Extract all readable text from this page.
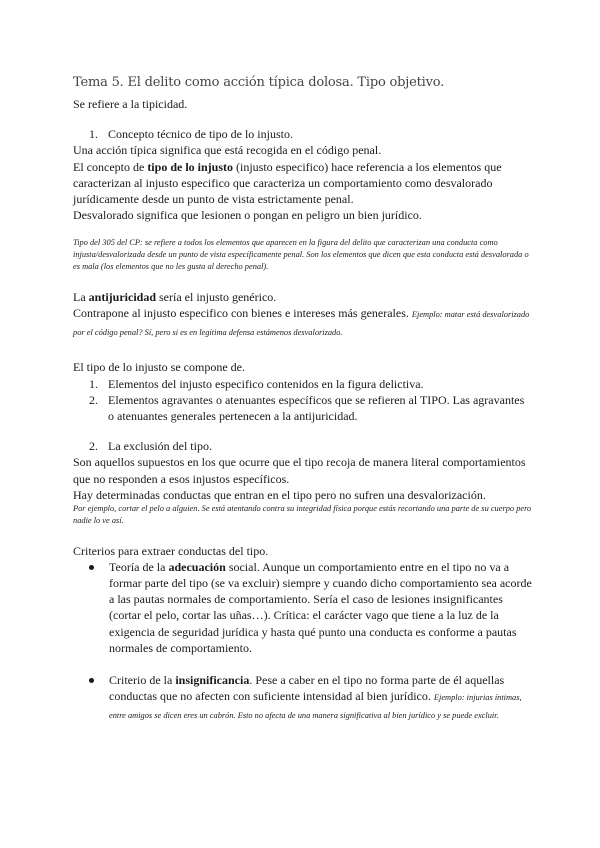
Tema 5. El delito como acción típica dolosa. Tipo objetivo.

Se refiere a la tipicidad.

1. Concepto técnico de tipo de lo injusto.

Una acción típica significa que está recogida en el código penal.

El concepto de tipo de lo injusto (injusto especifico) hace referencia a los elementos que caracterizan al injusto especifico que caracteriza un comportamiento como desvalorado jurídicamente desde un punto de vista estrictamente penal.

Desvalorado significa que lesionen o pongan en peligro un bien jurídico.

Tipo del 305 del CP: se refiere a todos los elementos que aparecen en la figura del delito que caracterizan una conducta como injusta/desvalorizada desde un punto de vista específicamente penal. Son los elementos que dicen que esta conducta está desvalorada o es mala (los elementos que no les gusta al derecho penal).

La antijuricidad sería el injusto genérico.

Contrapone al injusto especifico con bienes e intereses más generales. Ejemplo: matar está desvalorizado por el código penal? Sí, pero si es en legítima defensa estámenos desvalorizado.

El tipo de lo injusto se compone de.

1. Elementos del injusto especifico contenidos en la figura delictiva.
2. Elementos agravantes o atenuantes específicos que se refieren al TIPO. Las agravantes o atenuantes generales pertenecen a la antijuricidad.
2. La exclusión del tipo.

Son aquellos supuestos en los que ocurre que el tipo recoja de manera literal comportamientos que no responden a esos injustos específicos.

Hay determinadas conductas que entran en el tipo pero no sufren una desvalorización.

Por ejemplo, cortar el pelo a alguien. Se está atentando contra su integridad física porque estás recortando una parte de su cuerpo pero nadie lo ve así.

Criterios para extraer conductas del tipo.

Teoría de la adecuación social. Aunque un comportamiento entre en el tipo no va a formar parte del tipo (se va excluir) siempre y cuando dicho comportamiento sea acorde a las pautas normales de comportamiento. Sería el caso de lesiones insignificantes (cortar el pelo, cortar las uñas…). Crítica: el carácter vago que tiene a la luz de la exigencia de seguridad jurídica y hasta qué punto una conducta es conforme a pautas normales de comportamiento.
Criterio de la insignificancia. Pese a caber en el tipo no forma parte de él aquellas conductas que no afecten con suficiente intensidad al bien jurídico. Ejemplo: injurias íntimas, entre amigos se dicen eres un cabrón. Esto no afecta de una manera significativa al bien jurídico y se puede excluir.
